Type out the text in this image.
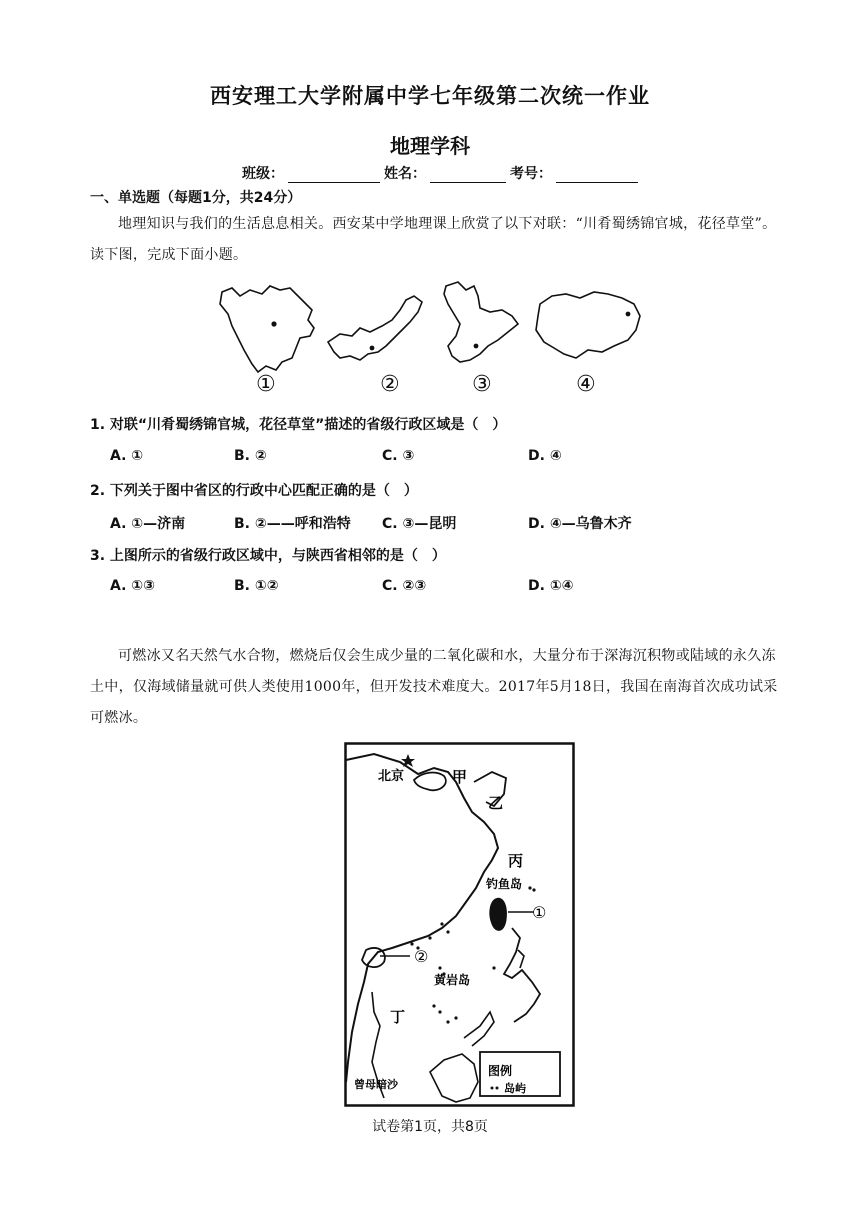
西安理工大学附属中学七年级第二次统一作业
地理学科
班级：	姓名：	考号：
一、单选题（每题1分，共24分）
地理知识与我们的生活息息相关。西安某中学地理课上欣赏了以下对联：“川肴蜀绣锦官城，花径草堂”。读下图，完成下面小题。
①	②	③	④
1. 对联“川肴蜀绣锦官城，花径草堂”描述的省级行政区域是（　）
A. ①	B. ②	C. ③	D. ④
2. 下列关于图中省区的行政中心匹配正确的是（　）
A. ①—济南	B. ②——呼和浩特 C. ③—昆明	D. ④—乌鲁木齐
3. 上图所示的省级行政区域中，与陕西省相邻的是（　）
A. ①③	B. ①②	C. ②③	D. ①④
可燃冰又名天然气水合物，燃烧后仅会生成少量的二氧化碳和水，大量分布于深海沉积物或陆域的永久冻土中，仅海域储量就可供人类使用1000年，但开发技术难度大。2017年5月18日，我国在南海首次成功试采可燃冰。
图例
岛屿
北京	甲
乙
丙
钓鱼岛
黄岩岛
丁
曾母暗沙
①
②
试卷第1页，共8页
